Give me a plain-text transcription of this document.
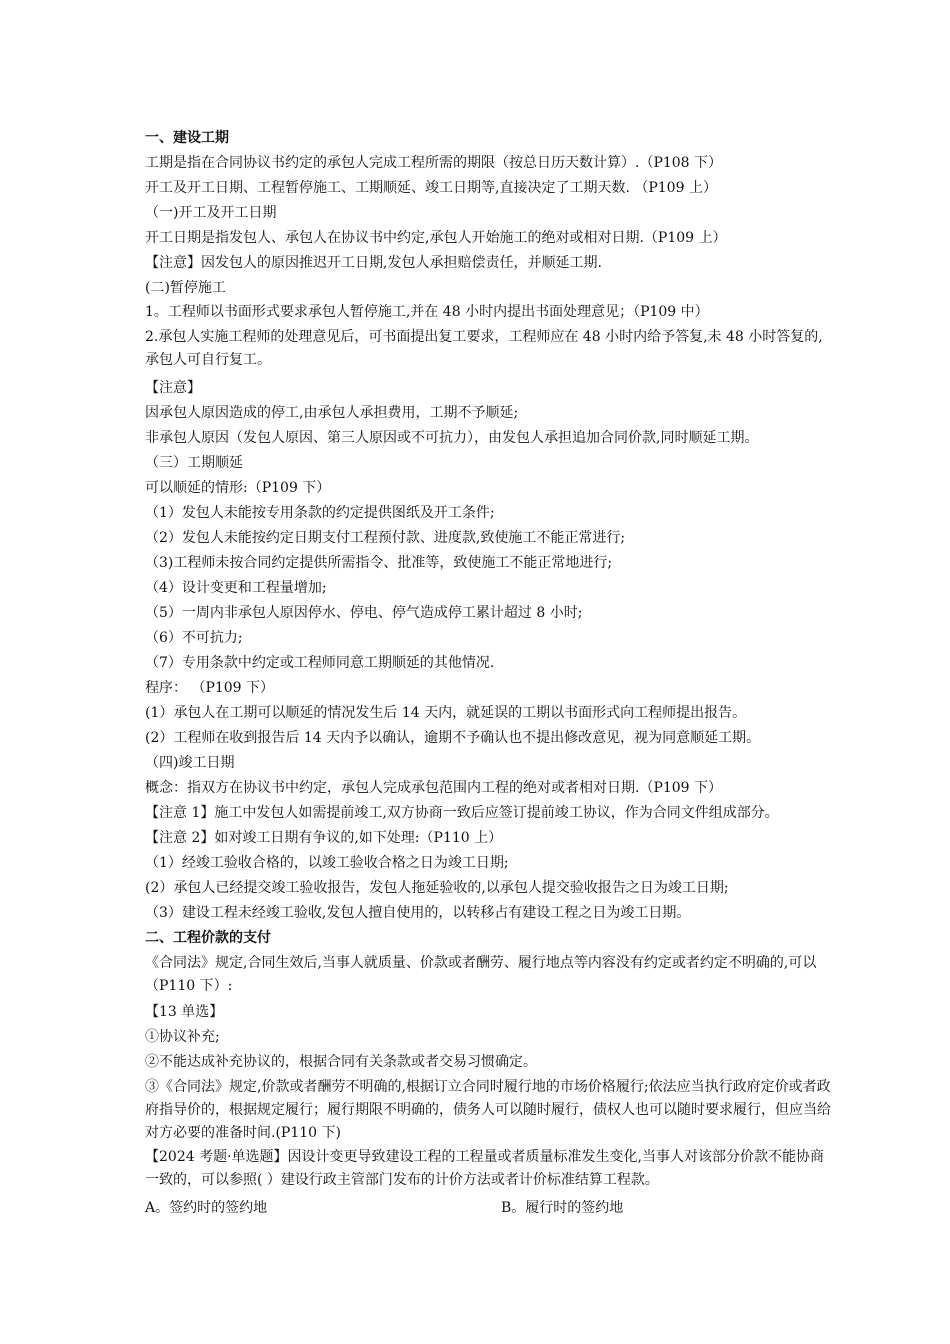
一、建设工期
工期是指在合同协议书约定的承包人完成工程所需的期限（按总日历天数计算）.（P108 下）
开工及开工日期、工程暂停施工、工期顺延、竣工日期等,直接决定了工期天数. （P109 上）
（一)开工及开工日期
开工日期是指发包人、承包人在协议书中约定,承包人开始施工的绝对或相对日期.（P109 上）
【注意】因发包人的原因推迟开工日期,发包人承担赔偿责任，并顺延工期.
(二)暂停施工
1。工程师以书面形式要求承包人暂停施工,并在 48 小时内提出书面处理意见；（P109 中）
2.承包人实施工程师的处理意见后，可书面提出复工要求，工程师应在 48 小时内给予答复,未 48 小时答复的,承包人可自行复工。
【注意】
因承包人原因造成的停工,由承包人承担费用，工期不予顺延;
非承包人原因（发包人原因、第三人原因或不可抗力），由发包人承担追加合同价款,同时顺延工期。
（三）工期顺延
可以顺延的情形:（P109 下）
（1）发包人未能按专用条款的约定提供图纸及开工条件;
（2）发包人未能按约定日期支付工程预付款、进度款,致使施工不能正常进行;
（3)工程师未按合同约定提供所需指令、批准等，致使施工不能正常地进行;
（4）设计变更和工程量增加;
（5）一周内非承包人原因停水、停电、停气造成停工累计超过 8 小时;
（6）不可抗力;
（7）专用条款中约定或工程师同意工期顺延的其他情况.
程序： （P109 下）
(1）承包人在工期可以顺延的情况发生后 14 天内，就延误的工期以书面形式向工程师提出报告。
(2）工程师在收到报告后 14 天内予以确认，逾期不予确认也不提出修改意见，视为同意顺延工期。
（四)竣工日期
概念：指双方在协议书中约定，承包人完成承包范围内工程的绝对或者相对日期.（P109 下）
【注意 1】施工中发包人如需提前竣工,双方协商一致后应签订提前竣工协议，作为合同文件组成部分。
【注意 2】如对竣工日期有争议的,如下处理:（P110 上）
（1）经竣工验收合格的，以竣工验收合格之日为竣工日期;
(2）承包人已经提交竣工验收报告，发包人拖延验收的,以承包人提交验收报告之日为竣工日期;
（3）建设工程未经竣工验收,发包人擅自使用的，以转移占有建设工程之日为竣工日期。
二、工程价款的支付
《合同法》规定,合同生效后,当事人就质量、价款或者酬劳、履行地点等内容没有约定或者约定不明确的,可以（P110 下）:
【13 单选】
①协议补充;
②不能达成补充协议的，根据合同有关条款或者交易习惯确定。
③《合同法》规定,价款或者酬劳不明确的,根据订立合同时履行地的市场价格履行;依法应当执行政府定价或者政府指导价的，根据规定履行；履行期限不明确的，债务人可以随时履行，债权人也可以随时要求履行，但应当给对方必要的准备时间.(P110 下)
【2024 考题·单选题】因设计变更导致建设工程的工程量或者质量标准发生变化,当事人对该部分价款不能协商一致的，可以参照( ）建设行政主管部门发布的计价方法或者计价标准结算工程款。
A。签约时的签约地	B。履行时的签约地
